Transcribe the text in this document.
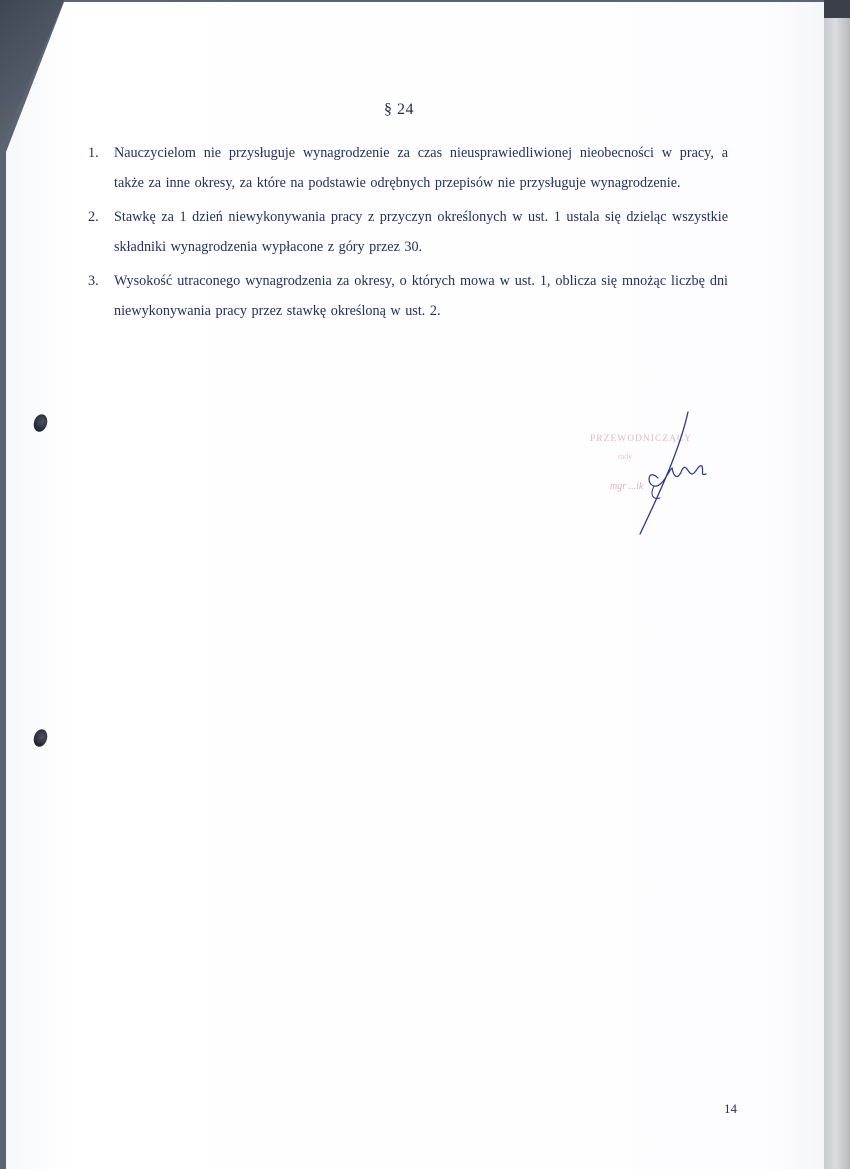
§ 24
1.	Nauczycielom nie przysługuje wynagrodzenie za czas nieusprawiedliwionej nieobecności w pracy, a także za inne okresy, za które na podstawie odrębnych przepisów nie przysługuje wynagrodzenie.
2.	Stawkę za 1 dzień niewykonywania pracy z przyczyn określonych w ust. 1 ustala się dzieląc wszystkie składniki wynagrodzenia wypłacone z góry przez 30.
3.	Wysokość utraconego wynagrodzenia za okresy, o których mowa w ust. 1, oblicza się mnożąc liczbę dni niewykonywania pracy przez stawkę określoną w ust. 2.
PRZEWODNICZĄCY
rady
mgr ...ik
14
